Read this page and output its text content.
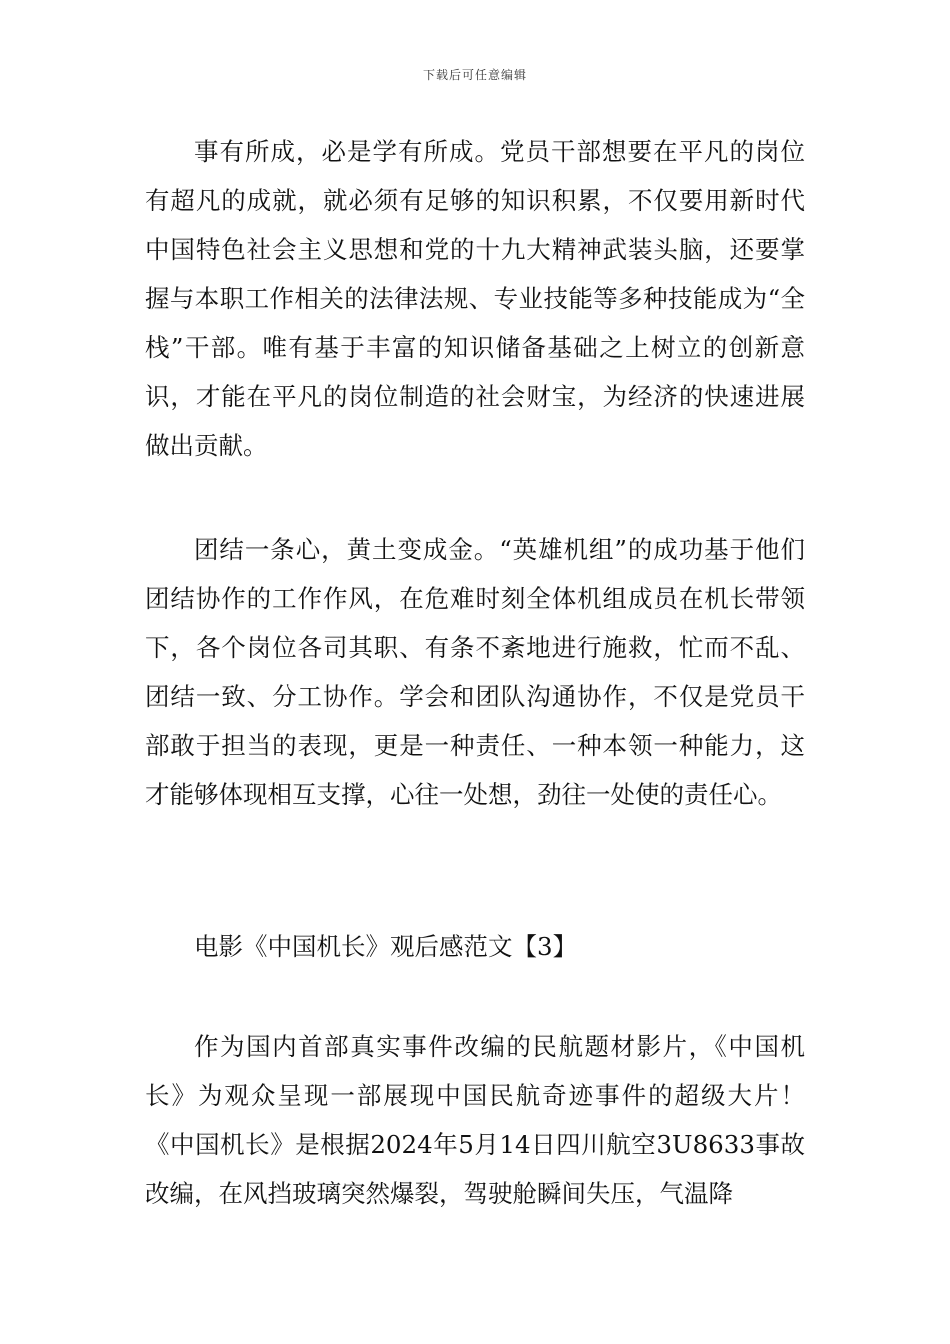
下载后可任意编辑

事有所成，必是学有所成。党员干部想要在平凡的岗位有超凡的成就，就必须有足够的知识积累，不仅要用新时代中国特色社会主义思想和党的十九大精神武装头脑，还要掌握与本职工作相关的法律法规、专业技能等多种技能成为“全栈”干部。唯有基于丰富的知识储备基础之上树立的创新意识，才能在平凡的岗位制造的社会财宝，为经济的快速进展做出贡献。

团结一条心，黄土变成金。“英雄机组”的成功基于他们团结协作的工作作风，在危难时刻全体机组成员在机长带领下，各个岗位各司其职、有条不紊地进行施救，忙而不乱、团结一致、分工协作。学会和团队沟通协作，不仅是党员干部敢于担当的表现，更是一种责任、一种本领一种能力，这才能够体现相互支撑，心往一处想，劲往一处使的责任心。

电影《中国机长》观后感范文【3】

作为国内首部真实事件改编的民航题材影片，《中国机长》为观众呈现一部展现中国民航奇迹事件的超级大片！《中国机长》是根据2024年5月14日四川航空3U8633事故改编，在风挡玻璃突然爆裂，驾驶舱瞬间失压，气温降
